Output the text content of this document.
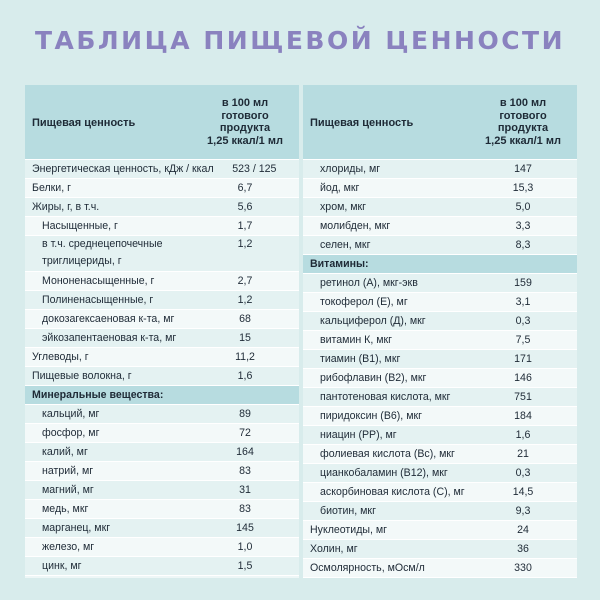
ТАБЛИЦА ПИЩЕВОЙ ЦЕННОСТИ
Пищевая ценность
в 100 мл
готового
продукта
1,25 ккал/1 мл
Энергетическая ценность, кДж / ккал	523 / 125
Белки, г	6,7
Жиры, г, в т.ч.	5,6
Насыщенные, г	1,7
в т.ч. среднецепочечные
триглицериды, г
1,2
Мононенасыщенные, г	2,7
Полиненасыщенные, г	1,2
докозагексаеновая к-та, мг	68
эйкозапентаеновая к-та, мг	15
Углеводы, г	11,2
Пищевые волокна, г	1,6
Минеральные вещества:
кальций, мг	89
фосфор, мг	72
калий, мг	164
натрий, мг	83
магний, мг	31
медь, мкг	83
марганец, мкг	145
железо, мг	1,0
цинк, мг	1,5
Пищевая ценность
в 100 мл
готового
продукта
1,25 ккал/1 мл
хлориды, мг	147
йод, мкг	15,3
хром, мкг	5,0
молибден, мкг	3,3
селен, мкг	8,3
Витамины:
ретинол (А), мкг-экв	159
токоферол (Е), мг	3,1
кальциферол (Д), мкг	0,3
витамин К, мкг	7,5
тиамин (В1), мкг	171
рибофлавин (В2), мкг	146
пантотеновая кислота, мкг	751
пиридоксин (В6), мкг	184
ниацин (РР), мг	1,6
фолиевая кислота (Вс), мкг	21
цианкобаламин (В12), мкг	0,3
аскорбиновая кислота (С), мг	14,5
биотин, мкг	9,3
Нуклеотиды, мг	24
Холин, мг	36
Осмолярность, мОсм/л	330
